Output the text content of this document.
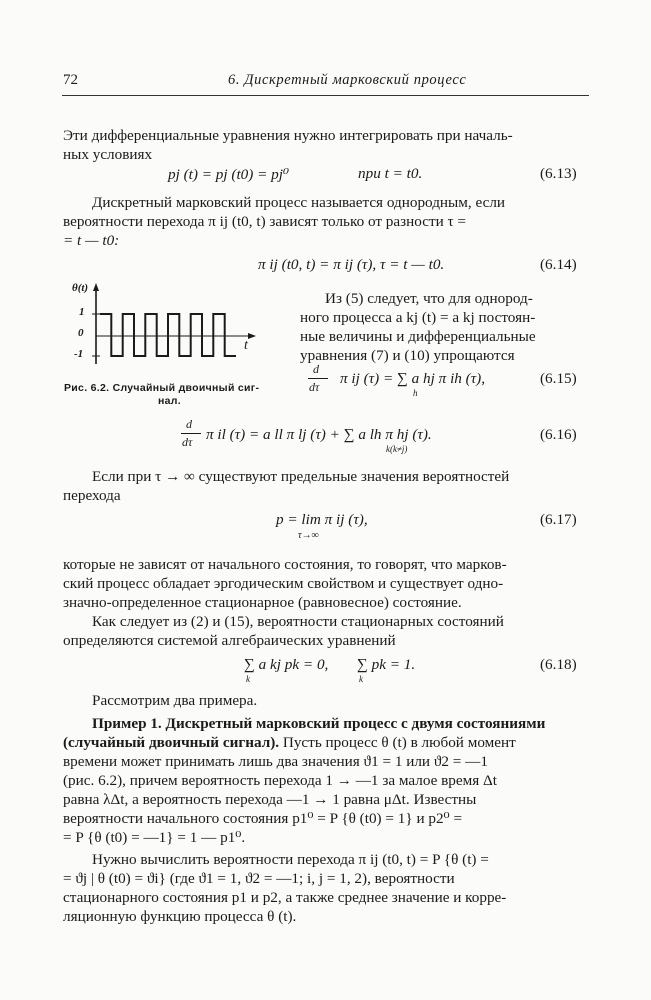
72	6. Дискретный марковский процесс
Эти дифференциальные уравнения нужно интегрировать при началь-
ных условиях
pj (t) = pj (t0) = pj⁰	при t = t0.	(6.13)
Дискретный марковский процесс называется однородным, если
вероятности перехода π ij (t0, t) зависят только от разности τ =
= t — t0:
π ij (t0, t) = π ij (τ), τ = t — t0.	(6.14)
θ(t)
1
0
-1
t
Рис. 6.2. Случайный двоичный сиг-
нал.
Из (5) следует, что для однород-
ного процесса a kj (t) = a kj постоян-
ные величины и дифференциальные
уравнения (7) и (10) упрощаются
d
dτ π ij (τ) = ∑ a hj π ih (τ),
h
(6.15)
d
dτ π il (τ) = a ll π lj (τ) + ∑ a lh π hj (τ).
k(k≠j)
(6.16)
Если при τ → ∞ существуют предельные значения вероятностей
перехода
p = lim π ij (τ),
τ→∞
(6.17)
которые не зависят от начального состояния, то говорят, что марков-
ский процесс обладает эргодическим свойством и существует одно-
значно-определенное стационарное (равновесное) состояние.
Как следует из (2) и (15), вероятности стационарных состояний
определяются системой алгебраических уравнений
∑ a kj pk = 0,
k
∑ pk = 1.
k
(6.18)
Рассмотрим два примера.
Пример 1. Дискретный марковский процесс с двумя состояниями
(случайный двоичный сигнал). Пусть процесс θ (t) в любой момент
времени может принимать лишь два значения ϑ1 = 1 или ϑ2 = —1
(рис. 6.2), причем вероятность перехода 1 → —1 за малое время Δt
равна λΔt, а вероятность перехода —1 → 1 равна μΔt. Известны
вероятности начального состояния p1⁰ = P {θ (t0) = 1} и p2⁰ =
= P {θ (t0) = —1} = 1 — p1⁰.
Нужно вычислить вероятности перехода π ij (t0, t) = P {θ (t) =
= ϑj | θ (t0) = ϑi} (где ϑ1 = 1, ϑ2 = —1; i, j = 1, 2), вероятности
стационарного состояния p1 и p2, а также среднее значение и корре-
ляционную функцию процесса θ (t).
